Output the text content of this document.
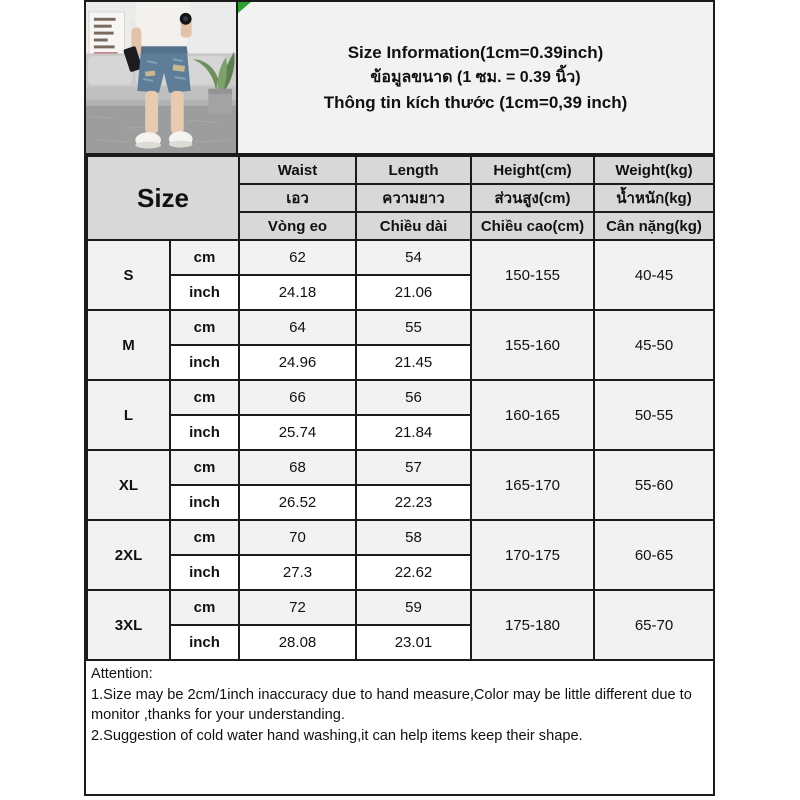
Size Information(1cm=0.39inch)
ข้อมูลขนาด (1 ซม. = 0.39 นิ้ว)
Thông tin kích thước (1cm=0,39 inch)
Size		Waist	Length	Height(cm)	Weight(kg)
		เอว	ความยาว	ส่วนสูง(cm)	น้ำหนัก(kg)
		Vòng eo	Chiều dài	Chiều cao(cm)	Cân nặng(kg)
S	cm	62	54	150-155	40-45
	inch	24.18	21.06		
M	cm	64	55	155-160	45-50
	inch	24.96	21.45		
L	cm	66	56	160-165	50-55
	inch	25.74	21.84		
XL	cm	68	57	165-170	55-60
	inch	26.52	22.23		
2XL	cm	70	58	170-175	60-65
	inch	27.3	22.62		
3XL	cm	72	59	175-180	65-70
	inch	28.08	23.01		
Attention:
1.Size may be 2cm/1inch inaccuracy due to hand measure,Color may be little different due to monitor ,thanks for your understanding.
2.Suggestion of cold water hand washing,it can help items keep their shape.
